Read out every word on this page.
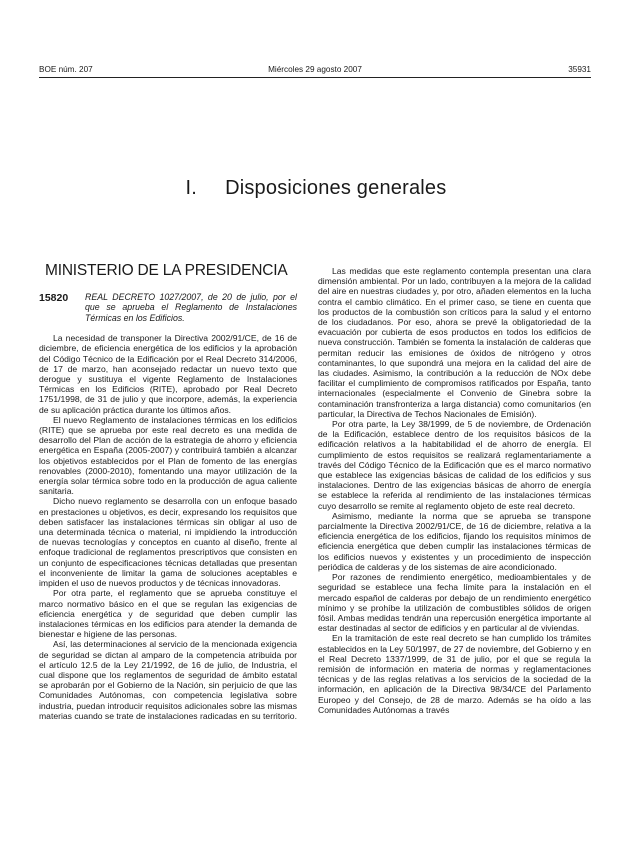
BOE núm. 207	Miércoles 29 agosto 2007	35931
I. Disposiciones generales
MINISTERIO DE LA PRESIDENCIA
15820	REAL DECRETO 1027/2007, de 20 de julio, por el que se aprueba el Reglamento de Instalaciones Térmicas en los Edificios.

La necesidad de transponer la Directiva 2002/91/CE, de 16 de diciembre, de eficiencia energética de los edificios y la aprobación del Código Técnico de la Edificación por el Real Decreto 314/2006, de 17 de marzo, han aconsejado redactar un nuevo texto que derogue y sustituya el vigente Reglamento de Instalaciones Térmicas en los Edificios (RITE), aprobado por Real Decreto 1751/1998, de 31 de julio y que incorpore, además, la experiencia de su aplicación práctica durante los últimos años.

El nuevo Reglamento de instalaciones térmicas en los edificios (RITE) que se aprueba por este real decreto es una medida de desarrollo del Plan de acción de la estrategia de ahorro y eficiencia energética en España (2005-2007) y contribuirá también a alcanzar los objetivos establecidos por el Plan de fomento de las energías renovables (2000-2010), fomentando una mayor utilización de la energía solar térmica sobre todo en la producción de agua caliente sanitaria.

Dicho nuevo reglamento se desarrolla con un enfoque basado en prestaciones u objetivos, es decir, expresando los requisitos que deben satisfacer las instalaciones térmicas sin obligar al uso de una determinada técnica o material, ni impidiendo la introducción de nuevas tecnologías y conceptos en cuanto al diseño, frente al enfoque tradicional de reglamentos prescriptivos que consisten en un conjunto de especificaciones técnicas detalladas que presentan el inconveniente de limitar la gama de soluciones aceptables e impiden el uso de nuevos productos y de técnicas innovadoras.

Por otra parte, el reglamento que se aprueba constituye el marco normativo básico en el que se regulan las exigencias de eficiencia energética y de seguridad que deben cumplir las instalaciones térmicas en los edificios para atender la demanda de bienestar e higiene de las personas.

Así, las determinaciones al servicio de la mencionada exigencia de seguridad se dictan al amparo de la competencia atribuida por el artículo 12.5 de la Ley 21/1992, de 16 de julio, de Industria, el cual dispone que los reglamentos de seguridad de ámbito estatal se aprobarán por el Gobierno de la Nación, sin perjuicio de que las Comunidades Autónomas, con competencia legislativa sobre industria, puedan introducir requisitos adicionales sobre las mismas materias cuando se trate de instalaciones radicadas en su territorio.

Las medidas que este reglamento contempla presentan una clara dimensión ambiental. Por un lado, contribuyen a la mejora de la calidad del aire en nuestras ciudades y, por otro, añaden elementos en la lucha contra el cambio climático. En el primer caso, se tiene en cuenta que los productos de la combustión son críticos para la salud y el entorno de los ciudadanos. Por eso, ahora se prevé la obligatoriedad de la evacuación por cubierta de esos productos en todos los edificios de nueva construcción. También se fomenta la instalación de calderas que permitan reducir las emisiones de óxidos de nitrógeno y otros contaminantes, lo que supondrá una mejora en la calidad del aire de las ciudades. Asimismo, la contribución a la reducción de NOx debe facilitar el cumplimiento de compromisos ratificados por España, tanto internacionales (especialmente el Convenio de Ginebra sobre la contaminación transfronteriza a larga distancia) como comunitarios (en particular, la Directiva de Techos Nacionales de Emisión).

Por otra parte, la Ley 38/1999, de 5 de noviembre, de Ordenación de la Edificación, establece dentro de los requisitos básicos de la edificación relativos a la habitabilidad el de ahorro de energía. El cumplimiento de estos requisitos se realizará reglamentariamente a través del Código Técnico de la Edificación que es el marco normativo que establece las exigencias básicas de calidad de los edificios y sus instalaciones. Dentro de las exigencias básicas de ahorro de energía se establece la referida al rendimiento de las instalaciones térmicas cuyo desarrollo se remite al reglamento objeto de este real decreto.

Asimismo, mediante la norma que se aprueba se transpone parcialmente la Directiva 2002/91/CE, de 16 de diciembre, relativa a la eficiencia energética de los edificios, fijando los requisitos mínimos de eficiencia energética que deben cumplir las instalaciones térmicas de los edificios nuevos y existentes y un procedimiento de inspección periódica de calderas y de los sistemas de aire acondicionado.

Por razones de rendimiento energético, medioambientales y de seguridad se establece una fecha límite para la instalación en el mercado español de calderas por debajo de un rendimiento energético mínimo y se prohíbe la utilización de combustibles sólidos de origen fósil. Ambas medidas tendrán una repercusión energética importante al estar destinadas al sector de edificios y en particular al de viviendas.

En la tramitación de este real decreto se han cumplido los trámites establecidos en la Ley 50/1997, de 27 de noviembre, del Gobierno y en el Real Decreto 1337/1999, de 31 de julio, por el que se regula la remisión de información en materia de normas y reglamentaciones técnicas y de las reglas relativas a los servicios de la sociedad de la información, en aplicación de la Directiva 98/34/CE del Parlamento Europeo y del Consejo, de 28 de marzo. Además se ha oído a las Comunidades Autónomas a través
